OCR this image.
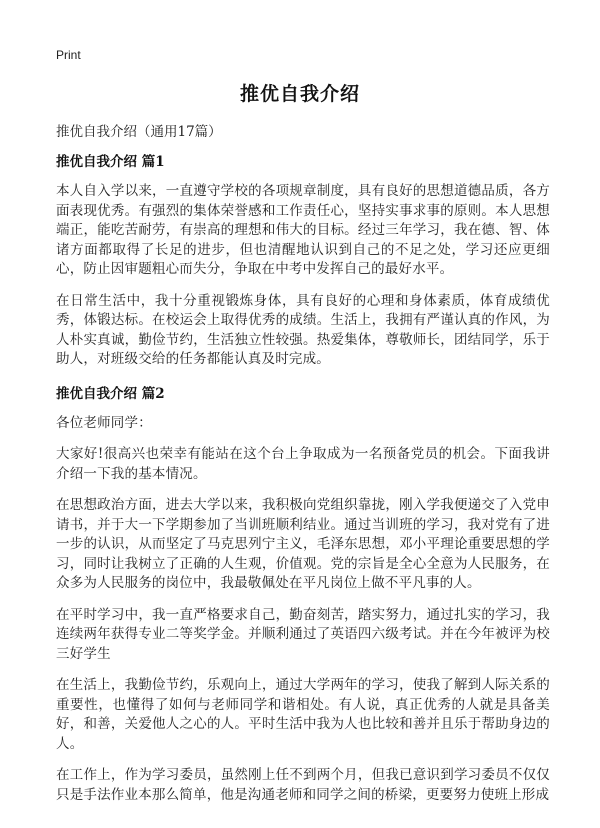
Print
推优自我介绍
推优自我介绍（通用17篇）
推优自我介绍 篇1

本人自入学以来，一直遵守学校的各项规章制度，具有良好的思想道德品质，各方面表现优秀。有强烈的集体荣誉感和工作责任心，坚持实事求事的原则。本人思想端正，能吃苦耐劳，有崇高的理想和伟大的目标。经过三年学习，我在德、智、体诸方面都取得了长足的进步，但也清醒地认识到自己的不足之处，学习还应更细心，防止因审题粗心而失分，争取在中考中发挥自己的最好水平。

在日常生活中，我十分重视锻炼身体，具有良好的心理和身体素质，体育成绩优秀，体锻达标。在校运会上取得优秀的成绩。生活上，我拥有严谨认真的作风，为人朴实真诚，勤俭节约，生活独立性较强。热爱集体，尊敬师长，团结同学，乐于助人，对班级交给的任务都能认真及时完成。

推优自我介绍 篇2

各位老师同学：

大家好!很高兴也荣幸有能站在这个台上争取成为一名预备党员的机会。下面我讲介绍一下我的基本情况。

在思想政治方面，进去大学以来，我积极向党组织靠拢，刚入学我便递交了入党申请书，并于大一下学期参加了当训班顺利结业。通过当训班的学习，我对党有了进一步的认识，从而坚定了马克思列宁主义，毛泽东思想，邓小平理论重要思想的学习，同时让我树立了正确的人生观，价值观。党的宗旨是全心全意为人民服务，在众多为人民服务的岗位中，我最敬佩处在平凡岗位上做不平凡事的人。

在平时学习中，我一直严格要求自己，勤奋刻苦，踏实努力，通过扎实的学习，我连续两年获得专业二等奖学金。并顺利通过了英语四六级考试。并在今年被评为校三好学生

在生活上，我勤俭节约，乐观向上，通过大学两年的学习，使我了解到人际关系的重要性，也懂得了如何与老师同学和谐相处。有人说，真正优秀的人就是具备美好，和善，关爱他人之心的人。平时生活中我为人也比较和善并且乐于帮助身边的人。

在工作上，作为学习委员，虽然刚上任不到两个月，但我已意识到学习委员不仅仅只是手法作业本那么简单，他是沟通老师和同学之间的桥梁，更要努力使班上形成
